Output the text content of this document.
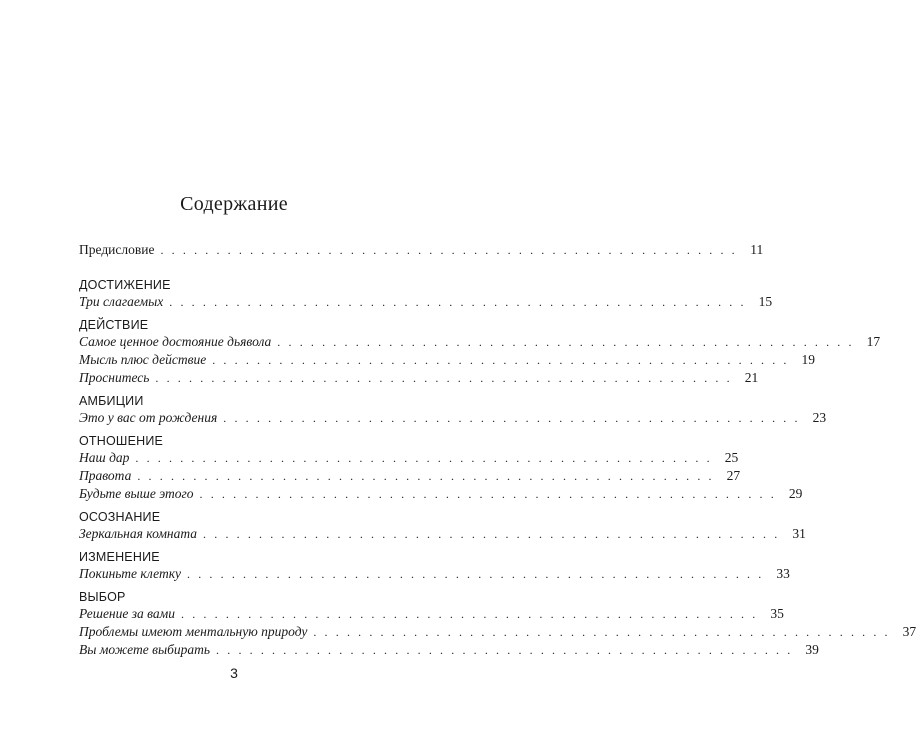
Содержание
Предисловие . . . . . . . . . . . . . . . . . . . . . . . . . . . . . . . . . . . . . . . . . . . . . . . . . . . . 11
ДОСТИЖЕНИЕ
Три слагаемых . . . . . . . . . . . . . . . . . . . . . . . . . . . . . . . . . . . . . . . . . . . . . . . . . . . . 15
ДЕЙСТВИЕ
Самое ценное достояние дьявола . . . . . . . . . . . . . . . . . . . . . . . . . . . . . . . . . . . . . . . . . . . . . . . . . . . . 17
Мысль плюс действие . . . . . . . . . . . . . . . . . . . . . . . . . . . . . . . . . . . . . . . . . . . . . . . . . . . . 19
Проснитесь . . . . . . . . . . . . . . . . . . . . . . . . . . . . . . . . . . . . . . . . . . . . . . . . . . . . 21
АМБИЦИИ
Это у вас от рождения . . . . . . . . . . . . . . . . . . . . . . . . . . . . . . . . . . . . . . . . . . . . . . . . . . . . 23
ОТНОШЕНИЕ
Наш дар . . . . . . . . . . . . . . . . . . . . . . . . . . . . . . . . . . . . . . . . . . . . . . . . . . . . 25
Правота . . . . . . . . . . . . . . . . . . . . . . . . . . . . . . . . . . . . . . . . . . . . . . . . . . . . 27
Будьте выше этого . . . . . . . . . . . . . . . . . . . . . . . . . . . . . . . . . . . . . . . . . . . . . . . . . . . . 29
ОСОЗНАНИЕ
Зеркальная комната . . . . . . . . . . . . . . . . . . . . . . . . . . . . . . . . . . . . . . . . . . . . . . . . . . . . 31
ИЗМЕНЕНИЕ
Покиньте клетку . . . . . . . . . . . . . . . . . . . . . . . . . . . . . . . . . . . . . . . . . . . . . . . . . . . . 33
ВЫБОР
Решение за вами . . . . . . . . . . . . . . . . . . . . . . . . . . . . . . . . . . . . . . . . . . . . . . . . . . . . 35
Проблемы имеют ментальную природу . . . . . . . . . . . . . . . . . . . . . . . . . . . . . . . . . . . . . . . . . . . . . . . . . . . . 37
Вы можете выбирать . . . . . . . . . . . . . . . . . . . . . . . . . . . . . . . . . . . . . . . . . . . . . . . . . . . . 39
3
